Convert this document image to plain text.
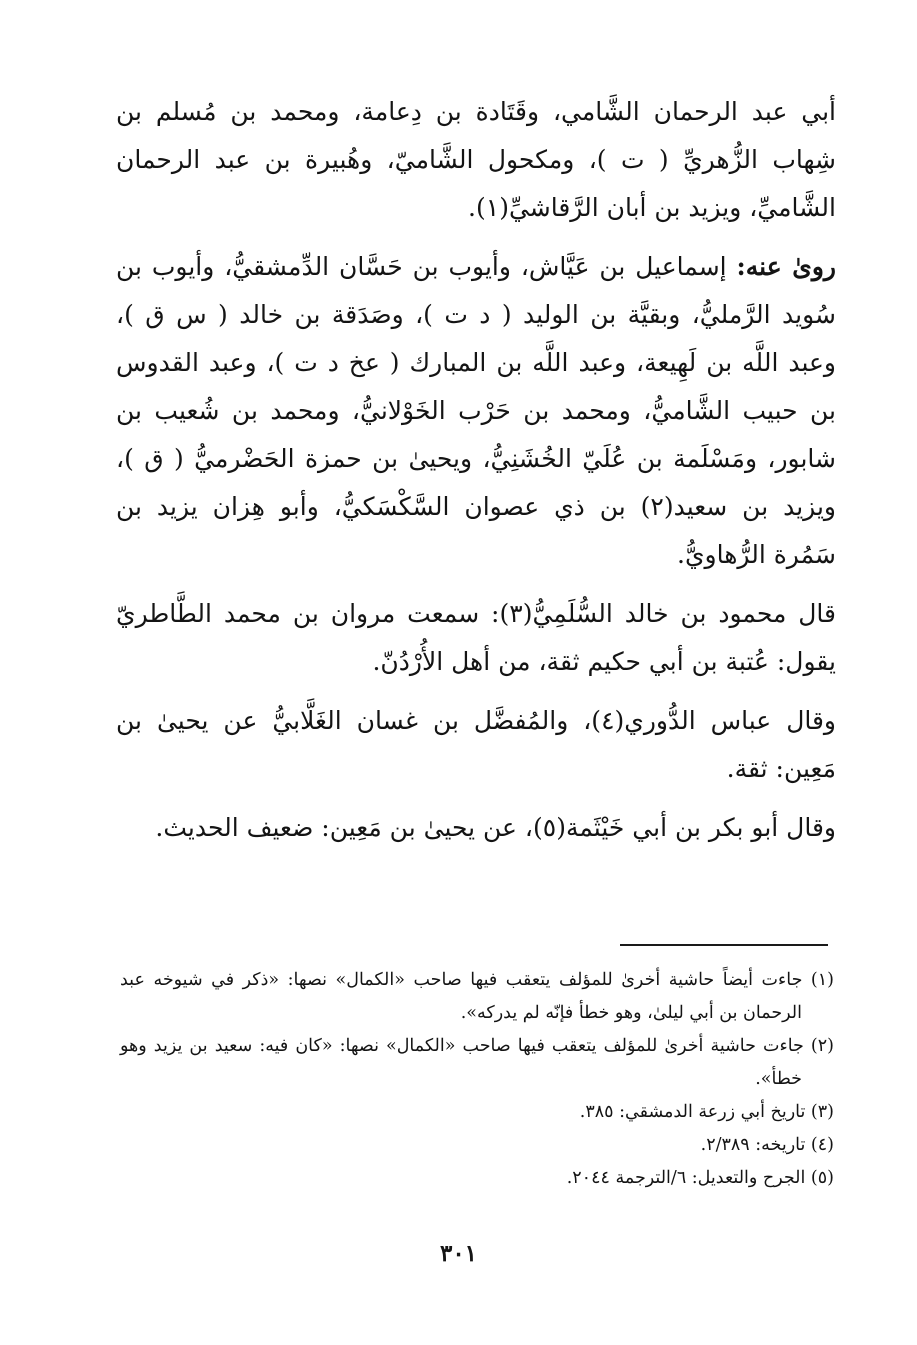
أبي عبد الرحمان الشَّامي، وقَتَادة بن دِعامة، ومحمد بن مُسلم بن شِهاب الزُّهريِّ ( ت )، ومكحول الشَّاميّ، وهُبيرة بن عبد الرحمان الشَّاميِّ، ويزيد بن أبان الرَّقاشيِّ(١).

روىٰ عنه: إسماعيل بن عَيَّاش، وأيوب بن حَسَّان الدِّمشقيُّ، وأيوب بن سُويد الرَّمليُّ، وبقيَّة بن الوليد ( د ت )، وصَدَقة بن خالد ( س ق )، وعبد اللَّه بن لَهِيعة، وعبد اللَّه بن المبارك ( عخ د ت )، وعبد القدوس بن حبيب الشَّاميُّ، ومحمد بن حَرْب الخَوْلانيُّ، ومحمد بن شُعيب بن شابور، ومَسْلَمة بن عُلَيّ الخُشَنِيُّ، ويحيىٰ بن حمزة الحَضْرميُّ ( ق )، ويزيد بن سعيد(٢) بن ذي عصوان السَّكْسَكيُّ، وأبو هِزان يزيد بن سَمُرة الرُّهاويُّ.

قال محمود بن خالد السُّلَمِيُّ(٣): سمعت مروان بن محمد الطَّاطريّ يقول: عُتبة بن أبي حكيم ثقة، من أهل الأُرْدُنّ.

وقال عباس الدُّوري(٤)، والمُفضَّل بن غسان الغَلَّابيُّ عن يحيىٰ بن مَعِين: ثقة.

وقال أبو بكر بن أبي خَيْثَمة(٥)، عن يحيىٰ بن مَعِين: ضعيف الحديث.

(١) جاءت أيضاً حاشية أخرىٰ للمؤلف يتعقب فيها صاحب «الكمال» نصها: «ذكر في شيوخه عبد الرحمان بن أبي ليلىٰ، وهو خطأ فإنّه لم يدركه».

(٢) جاءت حاشية أخرىٰ للمؤلف يتعقب فيها صاحب «الكمال» نصها: «كان فيه: سعيد بن يزيد وهو خطأ».

(٣) تاريخ أبي زرعة الدمشقي: ٣٨٥.

(٤) تاريخه: ٢/٣٨٩.

(٥) الجرح والتعديل: ٦/الترجمة ٢٠٤٤.

٣٠١
